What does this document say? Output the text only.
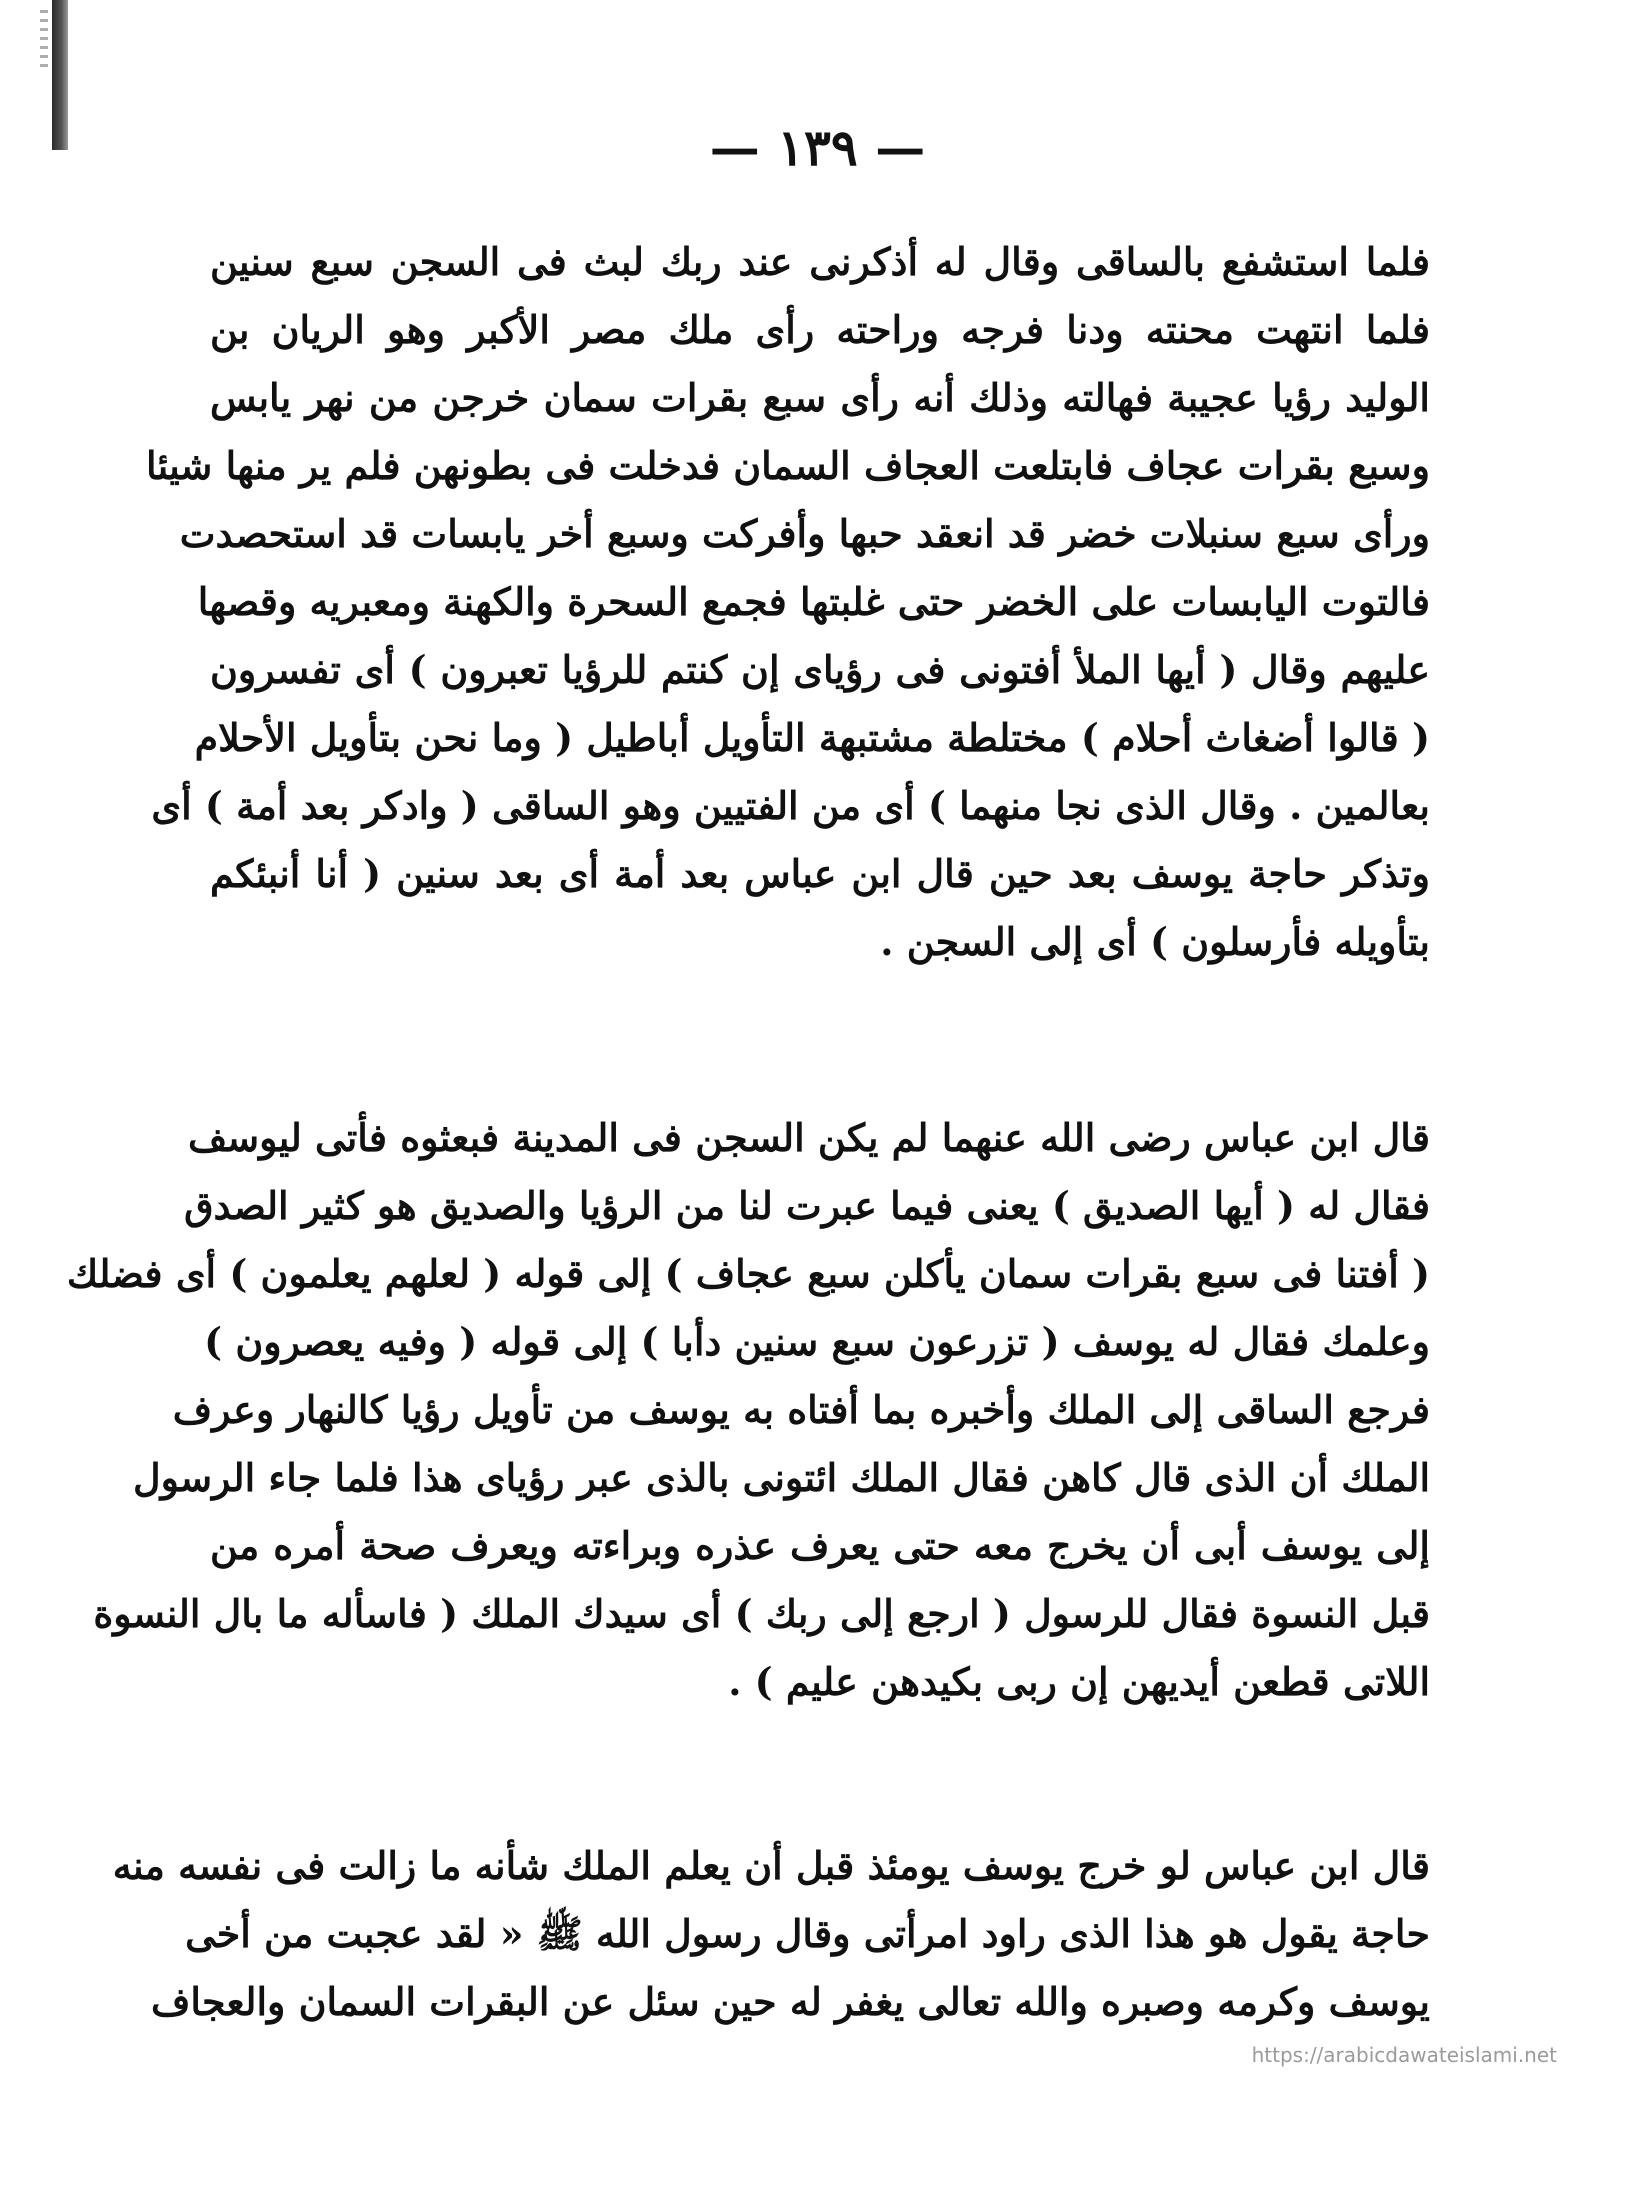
— ١٣٩ —
فلما استشفع بالساقى وقال له أذكرنى عند ربك لبث فى السجن سبع سنين
فلما انتهت محنته ودنا فرجه وراحته رأى ملك مصر الأكبر وهو الريان بن
الوليد رؤيا عجيبة فهالته وذلك أنه رأى سبع بقرات سمان خرجن من نهر يابس
وسبع بقرات عجاف فابتلعت العجاف السمان فدخلت فى بطونهن فلم ير منها شيئا
ورأى سبع سنبلات خضر قد انعقد حبها وأفركت وسبع أخر يابسات قد استحصدت
فالتوت اليابسات على الخضر حتى غلبتها فجمع السحرة والكهنة ومعبريه وقصها
عليهم وقال ( أيها الملأ أفتونى فى رؤياى إن كنتم للرؤيا تعبرون ) أى تفسرون
( قالوا أضغاث أحلام ) مختلطة مشتبهة التأويل أباطيل ( وما نحن بتأويل الأحلام
بعالمين . وقال الذى نجا منهما ) أى من الفتيين وهو الساقى ( وادكر بعد أمة ) أى
وتذكر حاجة يوسف بعد حين قال ابن عباس بعد أمة أى بعد سنين ( أنا أنبئكم
بتأويله فأرسلون ) أى إلى السجن .
قال ابن عباس رضى الله عنهما لم يكن السجن فى المدينة فبعثوه فأتى ليوسف
فقال له ( أيها الصديق ) يعنى فيما عبرت لنا من الرؤيا والصديق هو كثير الصدق
( أفتنا فى سبع بقرات سمان يأكلن سبع عجاف ) إلى قوله ( لعلهم يعلمون ) أى فضلك
وعلمك فقال له يوسف ( تزرعون سبع سنين دأبا ) إلى قوله ( وفيه يعصرون )
فرجع الساقى إلى الملك وأخبره بما أفتاه به يوسف من تأويل رؤيا كالنهار وعرف
الملك أن الذى قال كاهن فقال الملك ائتونى بالذى عبر رؤياى هذا فلما جاء الرسول
إلى يوسف أبى أن يخرج معه حتى يعرف عذره وبراءته ويعرف صحة أمره من
قبل النسوة فقال للرسول ( ارجع إلى ربك ) أى سيدك الملك ( فاسأله ما بال النسوة
اللاتى قطعن أيديهن إن ربى بكيدهن عليم ) .
قال ابن عباس لو خرج يوسف يومئذ قبل أن يعلم الملك شأنه ما زالت فى نفسه منه
حاجة يقول هو هذا الذى راود امرأتى وقال رسول الله ﷺ « لقد عجبت من أخى
يوسف وكرمه وصبره والله تعالى يغفر له حين سئل عن البقرات السمان والعجاف
https://arabicdawateislami.net
